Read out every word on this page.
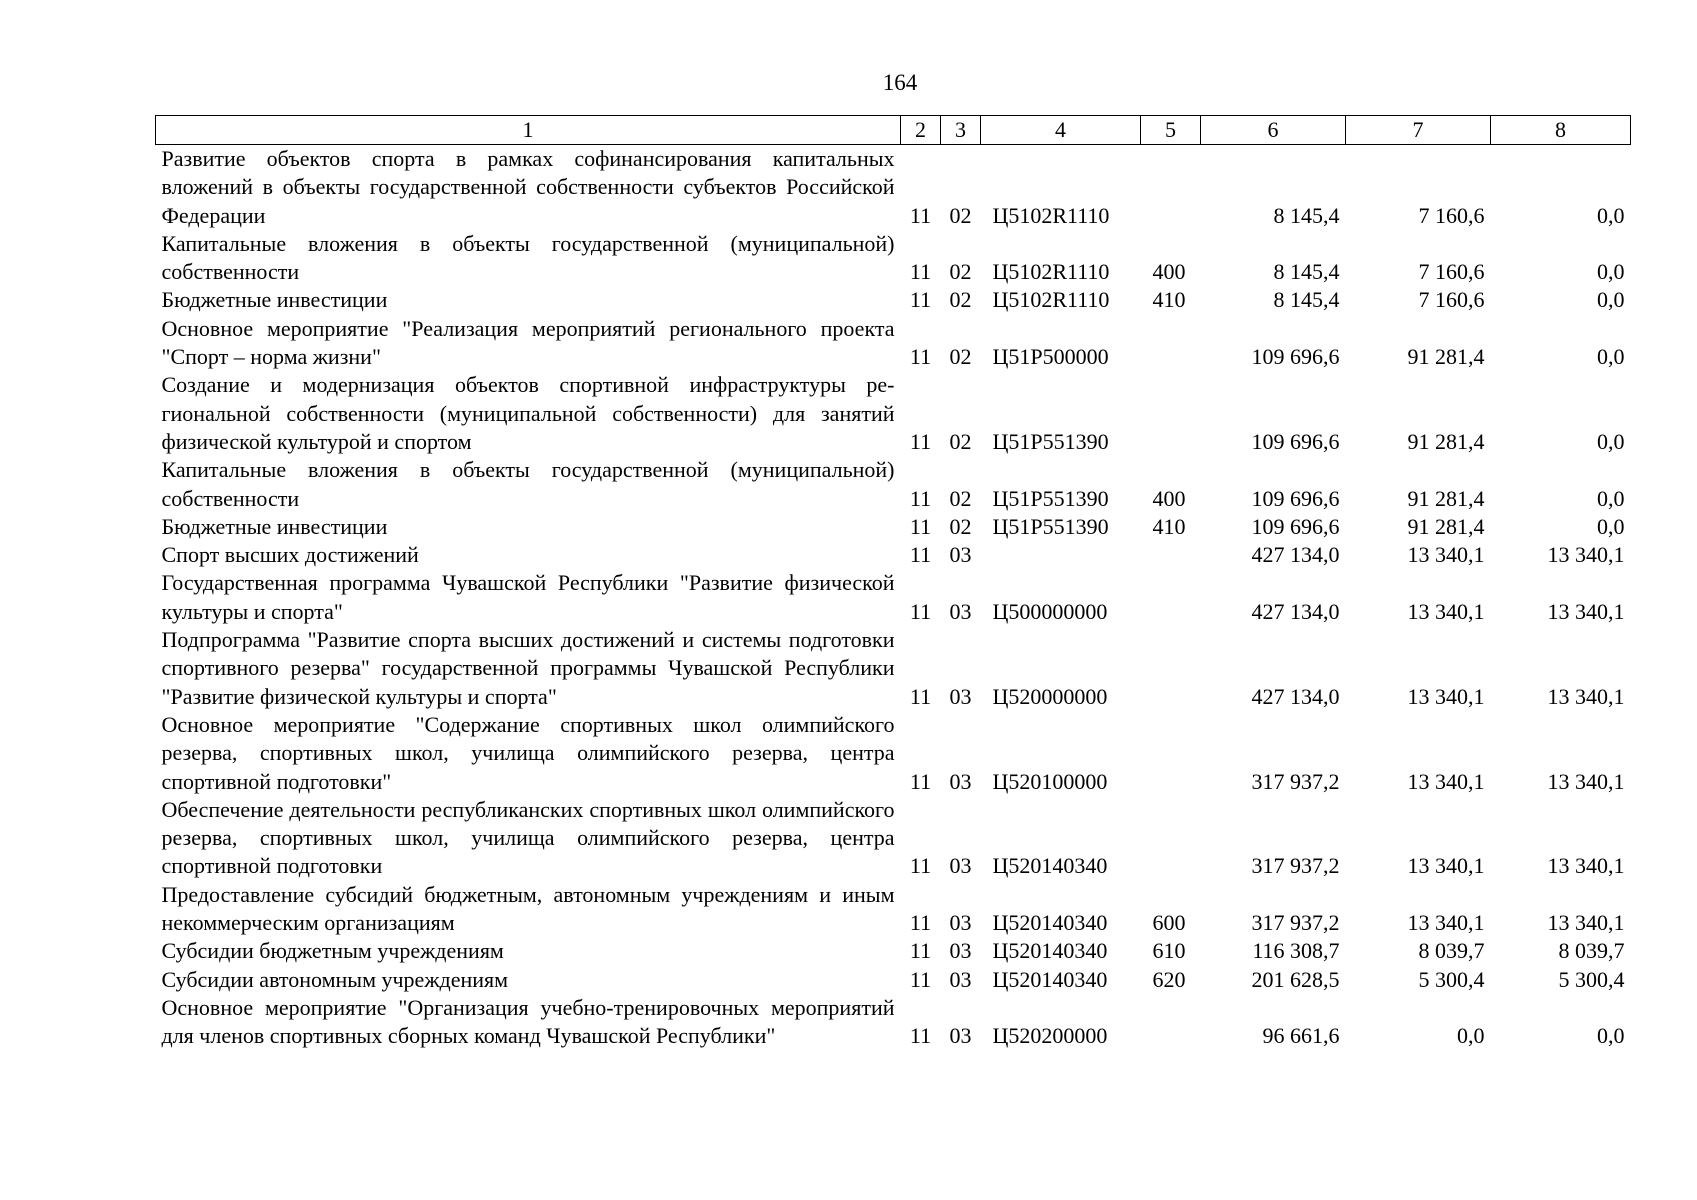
164
1	2	3	4	5	6	7	8
Развитие объектов спорта в рамках софинансирования капитальных вложений в объекты государственной собственности субъектов Российской Федерации	11	02	Ц5102R1110		8 145,4	7 160,6	0,0
Капитальные вложения в объекты государственной (муниципальной) собственности	11	02	Ц5102R1110	400	8 145,4	7 160,6	0,0
Бюджетные инвестиции	11	02	Ц5102R1110	410	8 145,4	7 160,6	0,0
Основное мероприятие "Реализация мероприятий регионального проекта "Спорт – норма жизни"	11	02	Ц51P500000		109 696,6	91 281,4	0,0
Создание и модернизация объектов спортивной инфраструктуры региональной собственности (муниципальной собственности) для занятий физической культурой и спортом	11	02	Ц51P551390		109 696,6	91 281,4	0,0
Капитальные вложения в объекты государственной (муниципальной) собственности	11	02	Ц51P551390	400	109 696,6	91 281,4	0,0
Бюджетные инвестиции	11	02	Ц51P551390	410	109 696,6	91 281,4	0,0
Спорт высших достижений	11	03			427 134,0	13 340,1	13 340,1
Государственная программа Чувашской Республики "Развитие физической культуры и спорта"	11	03	Ц500000000		427 134,0	13 340,1	13 340,1
Подпрограмма "Развитие спорта высших достижений и системы подготовки спортивного резерва" государственной программы Чувашской Республики "Развитие физической культуры и спорта"	11	03	Ц520000000		427 134,0	13 340,1	13 340,1
Основное мероприятие "Содержание спортивных школ олимпийского резерва, спортивных школ, училища олимпийского резерва, центра спортивной подготовки"	11	03	Ц520100000		317 937,2	13 340,1	13 340,1
Обеспечение деятельности республиканских спортивных школ олимпийского резерва, спортивных школ, училища олимпийского резерва, центра спортивной подготовки	11	03	Ц520140340		317 937,2	13 340,1	13 340,1
Предоставление субсидий бюджетным, автономным учреждениям и иным некоммерческим организациям	11	03	Ц520140340	600	317 937,2	13 340,1	13 340,1
Субсидии бюджетным учреждениям	11	03	Ц520140340	610	116 308,7	8 039,7	8 039,7
Субсидии автономным учреждениям	11	03	Ц520140340	620	201 628,5	5 300,4	5 300,4
Основное мероприятие "Организация учебно-тренировочных мероприятий для членов спортивных сборных команд Чувашской Республики"	11	03	Ц520200000		96 661,6	0,0	0,0
